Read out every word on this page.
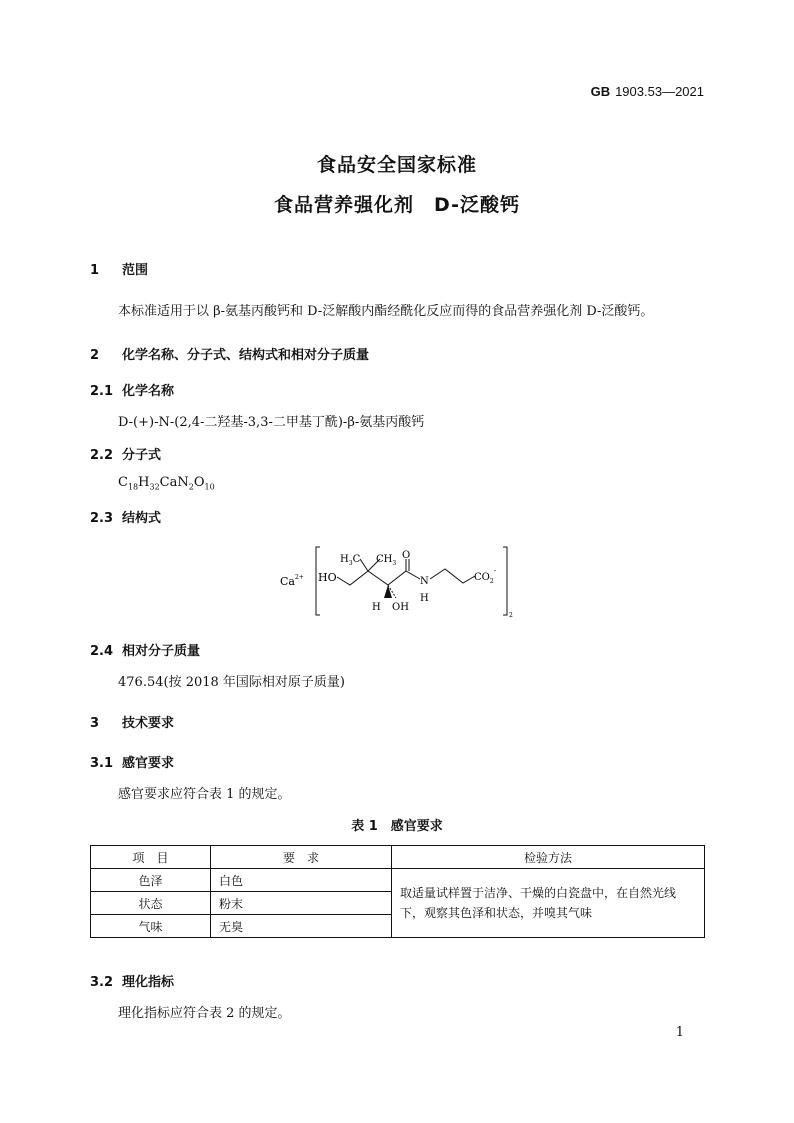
GB 1903.53—2021
食品安全国家标准
食品营养强化剂　D-泛酸钙
1 范围
本标准适用于以 β-氨基丙酸钙和 D-泛解酸内酯经酰化反应而得的食品营养强化剂 D-泛酸钙。
2 化学名称、分子式、结构式和相对分子质量
2.1 化学名称
D-(+)-N-(2,4-二羟基-3,3-二甲基丁酰)-β-氨基丙酸钙
2.2 分子式
$C_{18}H_{32}CaN_2O_{10}$
2.3 结构式
$Ca^{2+}$
2
HO
$H_3C$ $CH_3$
O
N
H
H OH
$CO_2^-$
2.4 相对分子质量
476.54(按 2018 年国际相对原子质量)
3 技术要求
3.1 感官要求
感官要求应符合表 1 的规定。
表 1　感官要求
项　目	要　求	检验方法
色泽	白色	取适量试样置于洁净、干燥的白瓷盘中，在自然光线下，观察其色泽和状态，并嗅其气味
状态	粉末	
气味	无臭	
3.2 理化指标
理化指标应符合表 2 的规定。
1
